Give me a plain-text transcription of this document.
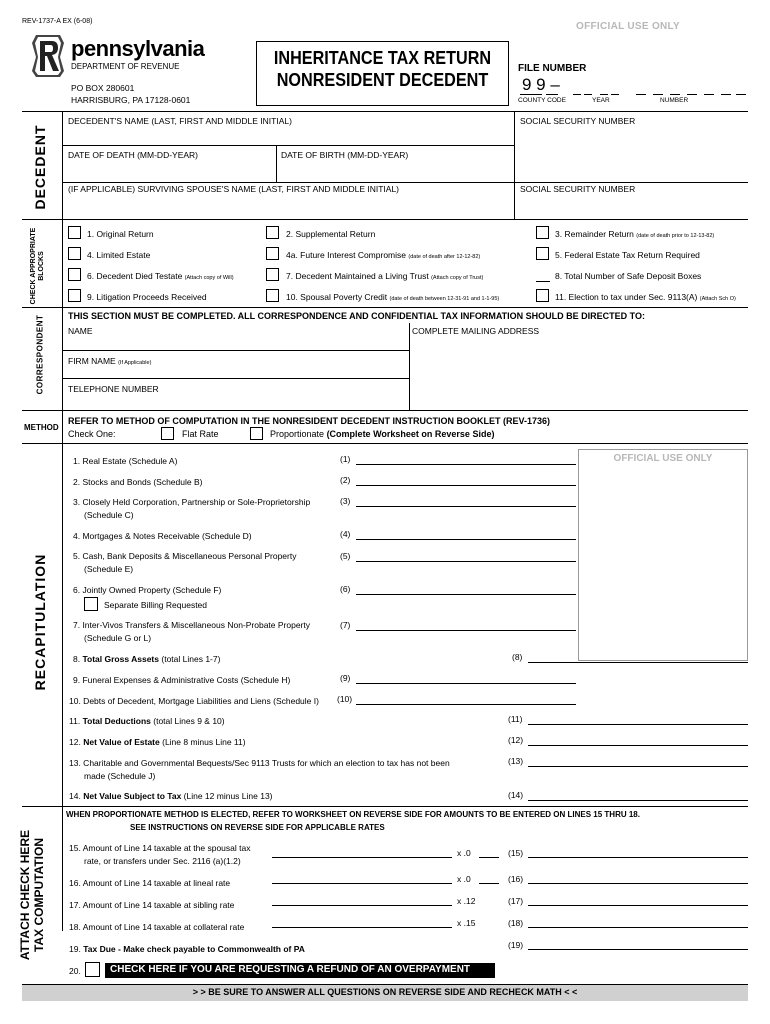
REV-1737-A EX (6-08)	OFFICIAL USE ONLY
pennsylvania
DEPARTMENT OF REVENUE
PO BOX 280601
HARRISBURG, PA 17128-0601
INHERITANCE TAX RETURN
NONRESIDENT DECEDENT
FILE NUMBER
9 9 –
COUNTY CODE	YEAR	NUMBER
DECEDENT
DECEDENT'S NAME (LAST, FIRST AND MIDDLE INITIAL)	SOCIAL SECURITY NUMBER
DATE OF DEATH (MM-DD-YEAR)	DATE OF BIRTH (MM-DD-YEAR)
(IF APPLICABLE) SURVIVING SPOUSE'S NAME (LAST, FIRST AND MIDDLE INITIAL)	SOCIAL SECURITY NUMBER
CHECK APPROPRIATE BLOCKS
1. Original Return	2. Supplemental Return	3. Remainder Return (date of death prior to 12-13-82)
4. Limited Estate	4a. Future Interest Compromise (date of death after 12-12-82)	5. Federal Estate Tax Return Required
6. Decedent Died Testate (Attach copy of Will)	7. Decedent Maintained a Living Trust (Attach copy of Trust)	8. Total Number of Safe Deposit Boxes
9. Litigation Proceeds Received	10. Spousal Poverty Credit (date of death between 12-31-91 and 1-1-95)	11. Election to tax under Sec. 9113(A) (Attach Sch O)
CORRESPONDENT	THIS SECTION MUST BE COMPLETED. ALL CORRESPONDENCE AND CONFIDENTIAL TAX INFORMATION SHOULD BE DIRECTED TO:
NAME	COMPLETE MAILING ADDRESS
FIRM NAME (If Applicable)
TELEPHONE NUMBER
METHOD
REFER TO METHOD OF COMPUTATION IN THE NONRESIDENT DECEDENT INSTRUCTION BOOKLET (REV-1736)
Check One:	Flat Rate	Proportionate (Complete Worksheet on Reverse Side)
RECAPITULATION
OFFICIAL USE ONLY
1. Real Estate (Schedule A)	(1)
2. Stocks and Bonds (Schedule B)	(2)
3. Closely Held Corporation, Partnership or Sole-Proprietorship
(Schedule C)
(3)
4. Mortgages & Notes Receivable (Schedule D)	(4)
5. Cash, Bank Deposits & Miscellaneous Personal Property
(Schedule E)
(5)
6. Jointly Owned Property (Schedule F)
Separate Billing Requested
(6)
7. Inter-Vivos Transfers & Miscellaneous Non-Probate Property
(Schedule G or L)
(7)
8. Total Gross Assets (total Lines 1-7)	(8)
9. Funeral Expenses & Administrative Costs (Schedule H)	(9)
10. Debts of Decedent, Mortgage Liabilities and Liens (Schedule I) (10)
11. Total Deductions (total Lines 9 & 10)	(11)
12. Net Value of Estate (Line 8 minus Line 11)	(12)
13. Charitable and Governmental Bequests/Sec 9113 Trusts for which an election to tax has not been
made (Schedule J)
(13)
14. Net Value Subject to Tax (Line 12 minus Line 13)	(14)
ATTACH CHECK HERE TAX COMPUTATION
WHEN PROPORTIONATE METHOD IS ELECTED, REFER TO WORKSHEET ON REVERSE SIDE FOR AMOUNTS TO BE ENTERED ON LINES 15 THRU 18.
SEE INSTRUCTIONS ON REVERSE SIDE FOR APPLICABLE RATES
15. Amount of Line 14 taxable at the spousal tax
rate, or transfers under Sec. 2116 (a)(1.2)
x .0	(15)
16. Amount of Line 14 taxable at lineal rate	x .0	(16)
17. Amount of Line 14 taxable at sibling rate	x .12	(17)
18. Amount of Line 14 taxable at collateral rate	x .15	(18)
19. Tax Due - Make check payable to Commonwealth of PA	(19)
20.	CHECK HERE IF YOU ARE REQUESTING A REFUND OF AN OVERPAYMENT
> > BE SURE TO ANSWER ALL QUESTIONS ON REVERSE SIDE AND RECHECK MATH < <
